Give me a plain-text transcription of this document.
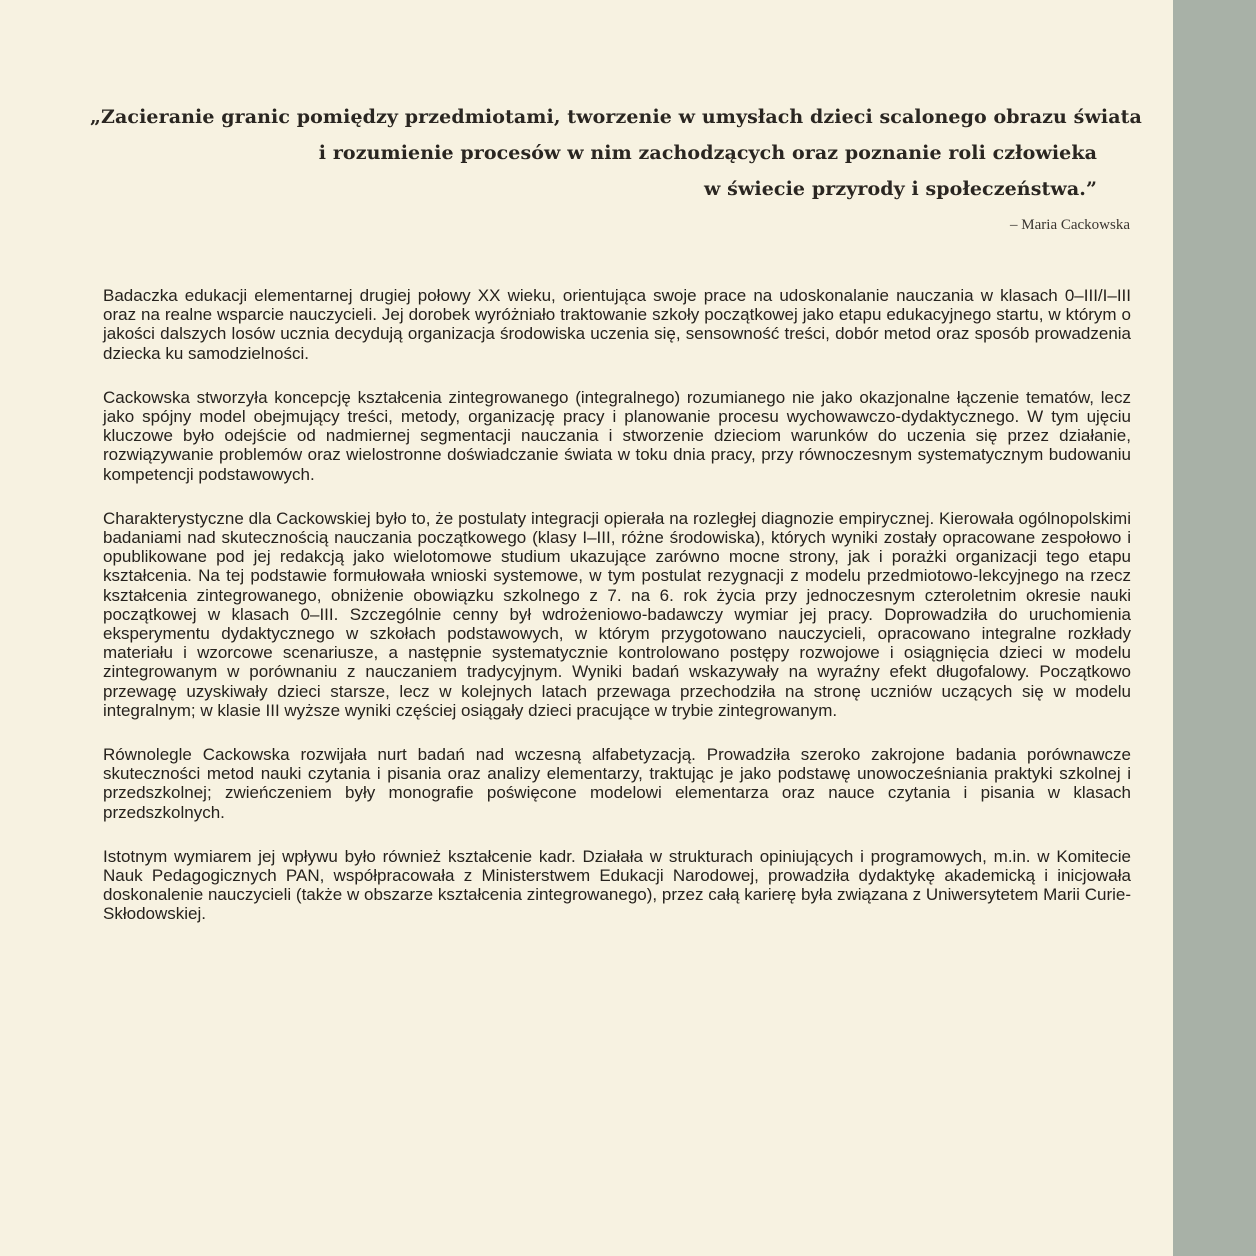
„Zacieranie granic pomiędzy przedmiotami, tworzenie w umysłach dzieci scalonego obrazu świata
i rozumienie procesów w nim zachodzących oraz poznanie roli człowieka
w świecie przyrody i społeczeństwa.”
– Maria Cackowska

Badaczka edukacji elementarnej drugiej połowy XX wieku, orientująca swoje prace na udoskonalanie nauczania w klasach 0–III/I–III oraz na realne wsparcie nauczycieli. Jej dorobek wyróżniało traktowanie szkoły początkowej jako etapu edukacyjnego startu, w którym o jakości dalszych losów ucznia decydują organizacja środowiska uczenia się, sensowność treści, dobór metod oraz sposób prowadzenia dziecka ku samodzielności.

Cackowska stworzyła koncepcję kształcenia zintegrowanego (integralnego) rozumianego nie jako okazjonalne łączenie tematów, lecz jako spójny model obejmujący treści, metody, organizację pracy i planowanie procesu wychowawczo-dydaktycznego. W tym ujęciu kluczowe było odejście od nadmiernej segmentacji nauczania i stworzenie dzieciom warunków do uczenia się przez działanie, rozwiązywanie problemów oraz wielostronne doświadczanie świata w toku dnia pracy, przy równoczesnym systematycznym budowaniu kompetencji podstawowych.

Charakterystyczne dla Cackowskiej było to, że postulaty integracji opierała na rozległej diagnozie empirycznej. Kierowała ogólnopolskimi badaniami nad skutecznością nauczania początkowego (klasy I–III, różne środowiska), których wyniki zostały opracowane zespołowo i opublikowane pod jej redakcją jako wielotomowe studium ukazujące zarówno mocne strony, jak i porażki organizacji tego etapu kształcenia. Na tej podstawie formułowała wnioski systemowe, w tym postulat rezygnacji z modelu przedmiotowo-lekcyjnego na rzecz kształcenia zintegrowanego, obniżenie obowiązku szkolnego z 7. na 6. rok życia przy jednoczesnym czteroletnim okresie nauki początkowej w klasach 0–III. Szczególnie cenny był wdrożeniowo-badawczy wymiar jej pracy. Doprowadziła do uruchomienia eksperymentu dydaktycznego w szkołach podstawowych, w którym przygotowano nauczycieli, opracowano integralne rozkłady materiału i wzorcowe scenariusze, a następnie systematycznie kontrolowano postępy rozwojowe i osiągnięcia dzieci w modelu zintegrowanym w porównaniu z nauczaniem tradycyjnym. Wyniki badań wskazywały na wyraźny efekt długofalowy. Początkowo przewagę uzyskiwały dzieci starsze, lecz w kolejnych latach przewaga przechodziła na stronę uczniów uczących się w modelu integralnym; w klasie III wyższe wyniki częściej osiągały dzieci pracujące w trybie zintegrowanym.

Równolegle Cackowska rozwijała nurt badań nad wczesną alfabetyzacją. Prowadziła szeroko zakrojone badania porównawcze skuteczności metod nauki czytania i pisania oraz analizy elementarzy, traktując je jako podstawę unowocześniania praktyki szkolnej i przedszkolnej; zwieńczeniem były monografie poświęcone modelowi elementarza oraz nauce czytania i pisania w klasach przedszkolnych.

Istotnym wymiarem jej wpływu było również kształcenie kadr. Działała w strukturach opiniujących i programowych, m.in. w Komitecie Nauk Pedagogicznych PAN, współpracowała z Ministerstwem Edukacji Narodowej, prowadziła dydaktykę akademicką i inicjowała doskonalenie nauczycieli (także w obszarze kształcenia zintegrowanego), przez całą karierę była związana z Uniwersytetem Marii Curie-Skłodowskiej.
